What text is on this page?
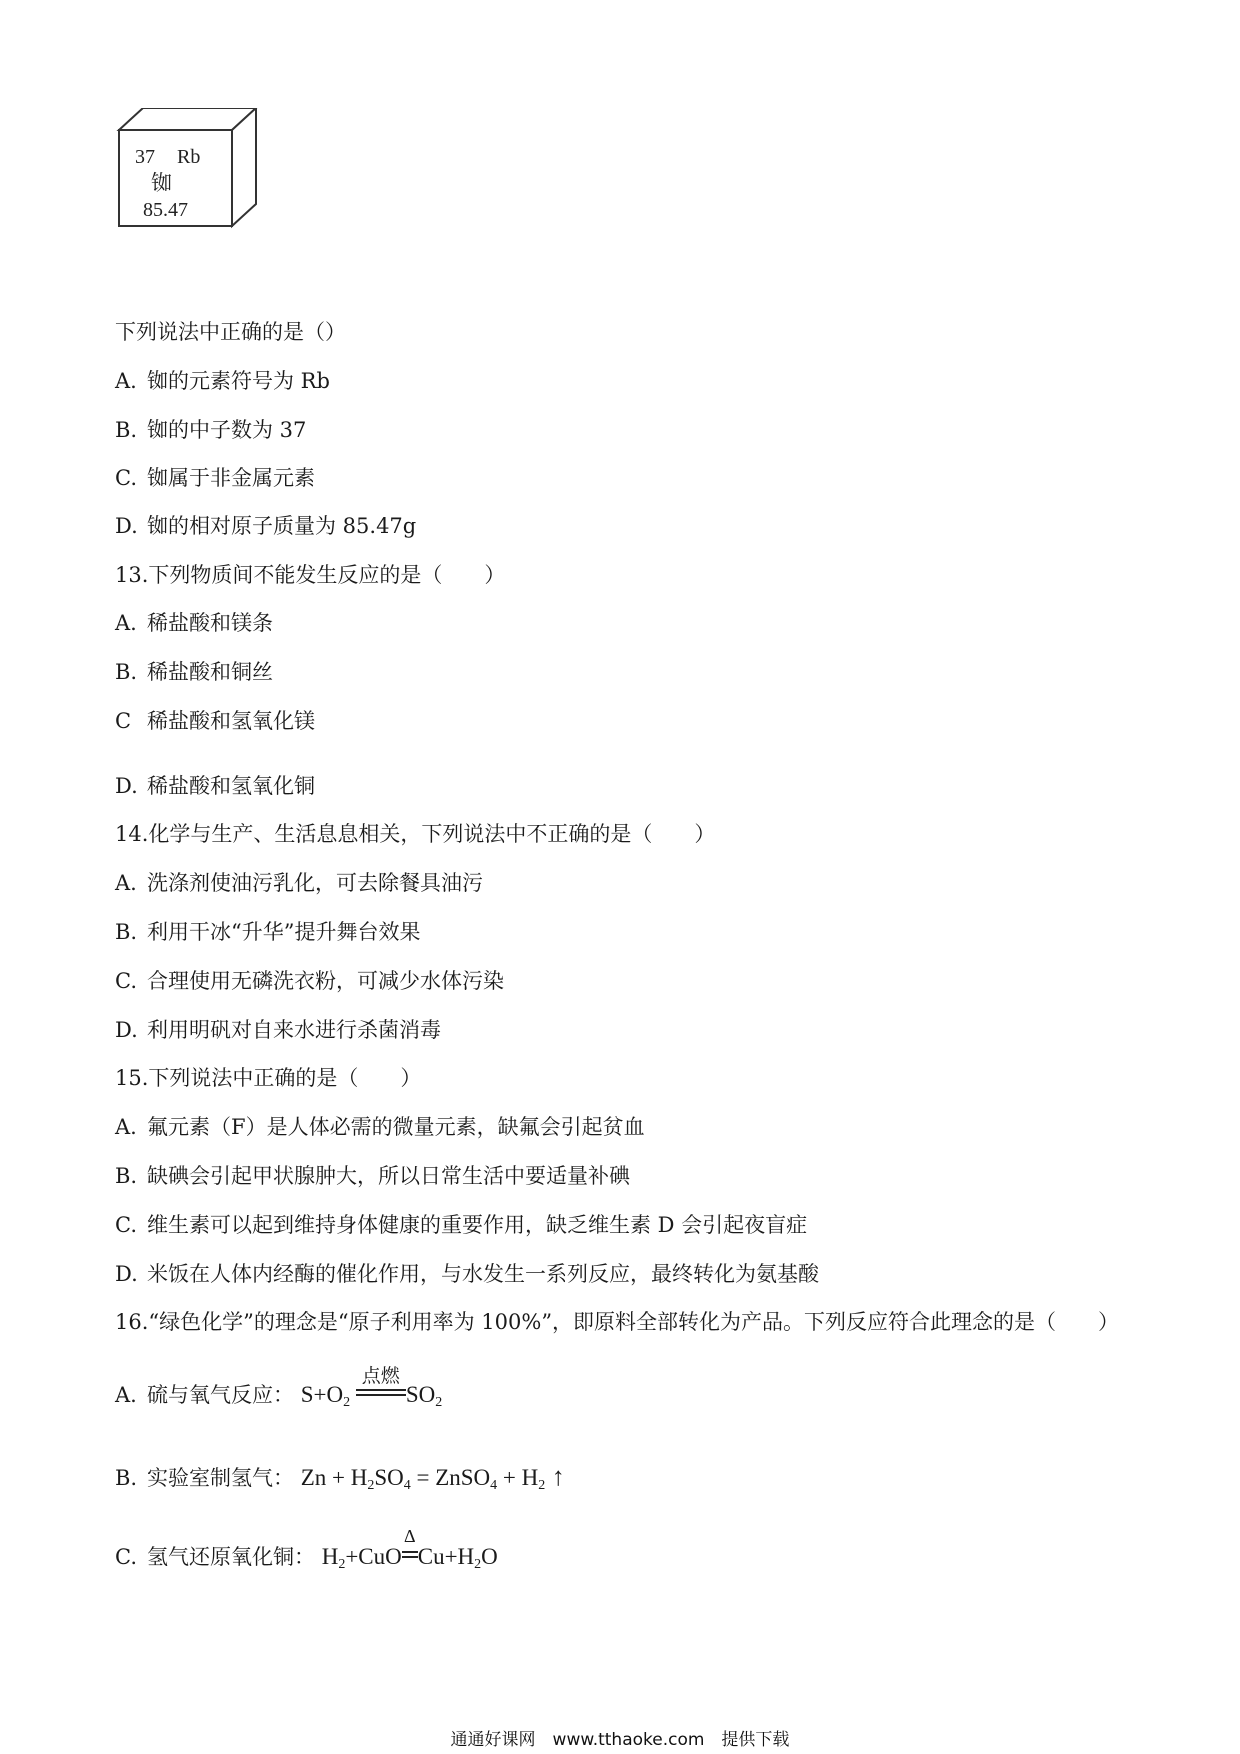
37 Rb
铷
85.47
下列说法中正确的是（）
A. 铷的元素符号为 Rb
B. 铷的中子数为 37
C. 铷属于非金属元素
D. 铷的相对原子质量为 85.47g
13.下列物质间不能发生反应的是（　　）
A. 稀盐酸和镁条
B. 稀盐酸和铜丝
C 稀盐酸和氢氧化镁
D. 稀盐酸和氢氧化铜
14.化学与生产、生活息息相关，下列说法中不正确的是（　　）
A. 洗涤剂使油污乳化，可去除餐具油污
B. 利用干冰“升华”提升舞台效果
C. 合理使用无磷洗衣粉，可减少水体污染
D. 利用明矾对自来水进行杀菌消毒
15.下列说法中正确的是（　　）
A. 氟元素（F）是人体必需的微量元素，缺氟会引起贫血
B. 缺碘会引起甲状腺肿大，所以日常生活中要适量补碘
C. 维生素可以起到维持身体健康的重要作用，缺乏维生素 D 会引起夜盲症
D. 米饭在人体内经酶的催化作用，与水发生一系列反应，最终转化为氨基酸
16.“绿色化学”的理念是“原子利用率为 100%”，即原料全部转化为产品。下列反应符合此理念的是（　　）
A. 硫与氧气反应： $S+O_2$
点燃
$SO_2$
B. 实验室制氢气： $Zn + H_2SO_4$ = ZnSO$_4$ + $H_2$ ↑
C. 氢气还原氧化铜： $H_2+CuO$
Δ
$Cu+H_2O$
通通好课网　www.tthaoke.com　提供下载
